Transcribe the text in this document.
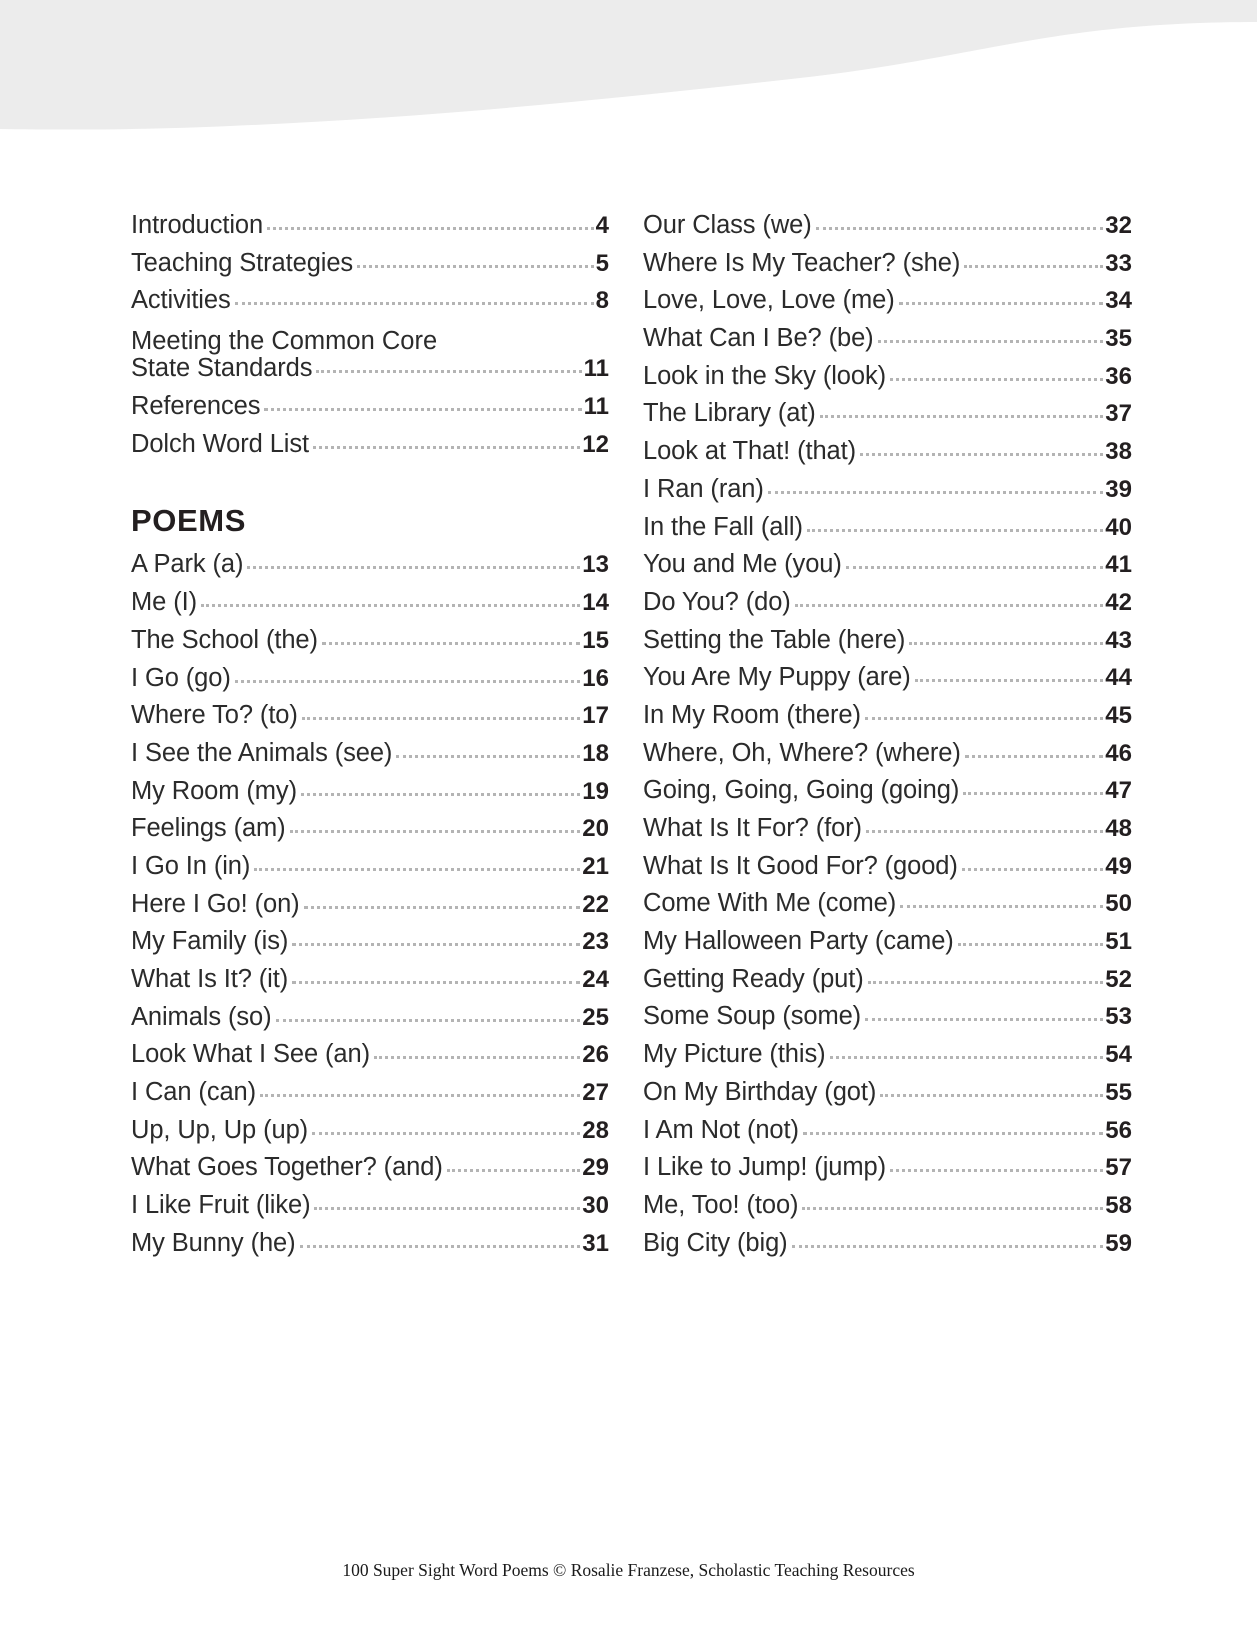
Introduction	4
Teaching Strategies	5
Activities	8
Meeting the Common Core
State Standards	11
References	11
Dolch Word List	12
POEMS
A Park (a)	13
Me (I)	14
The School (the)	15
I Go (go)	16
Where To? (to)	17
I See the Animals (see)	18
My Room (my)	19
Feelings (am)	20
I Go In (in)	21
Here I Go! (on)	22
My Family (is)	23
What Is It? (it)	24
Animals (so)	25
Look What I See (an)	26
I Can (can)	27
Up, Up, Up (up)	28
What Goes Together? (and)	29
I Like Fruit (like)	30
My Bunny (he)	31
Our Class (we)	32
Where Is My Teacher? (she)	33
Love, Love, Love (me)	34
What Can I Be? (be)	35
Look in the Sky (look)	36
The Library (at)	37
Look at That! (that)	38
I Ran (ran)	39
In the Fall (all)	40
You and Me (you)	41
Do You? (do)	42
Setting the Table (here)	43
You Are My Puppy (are)	44
In My Room (there)	45
Where, Oh, Where? (where)	46
Going, Going, Going (going)	47
What Is It For? (for)	48
What Is It Good For? (good)	49
Come With Me (come)	50
My Halloween Party (came)	51
Getting Ready (put)	52
Some Soup (some)	53
My Picture (this)	54
On My Birthday (got)	55
I Am Not (not)	56
I Like to Jump! (jump)	57
Me, Too! (too)	58
Big City (big)	59
100 Super Sight Word Poems © Rosalie Franzese, Scholastic Teaching Resources
